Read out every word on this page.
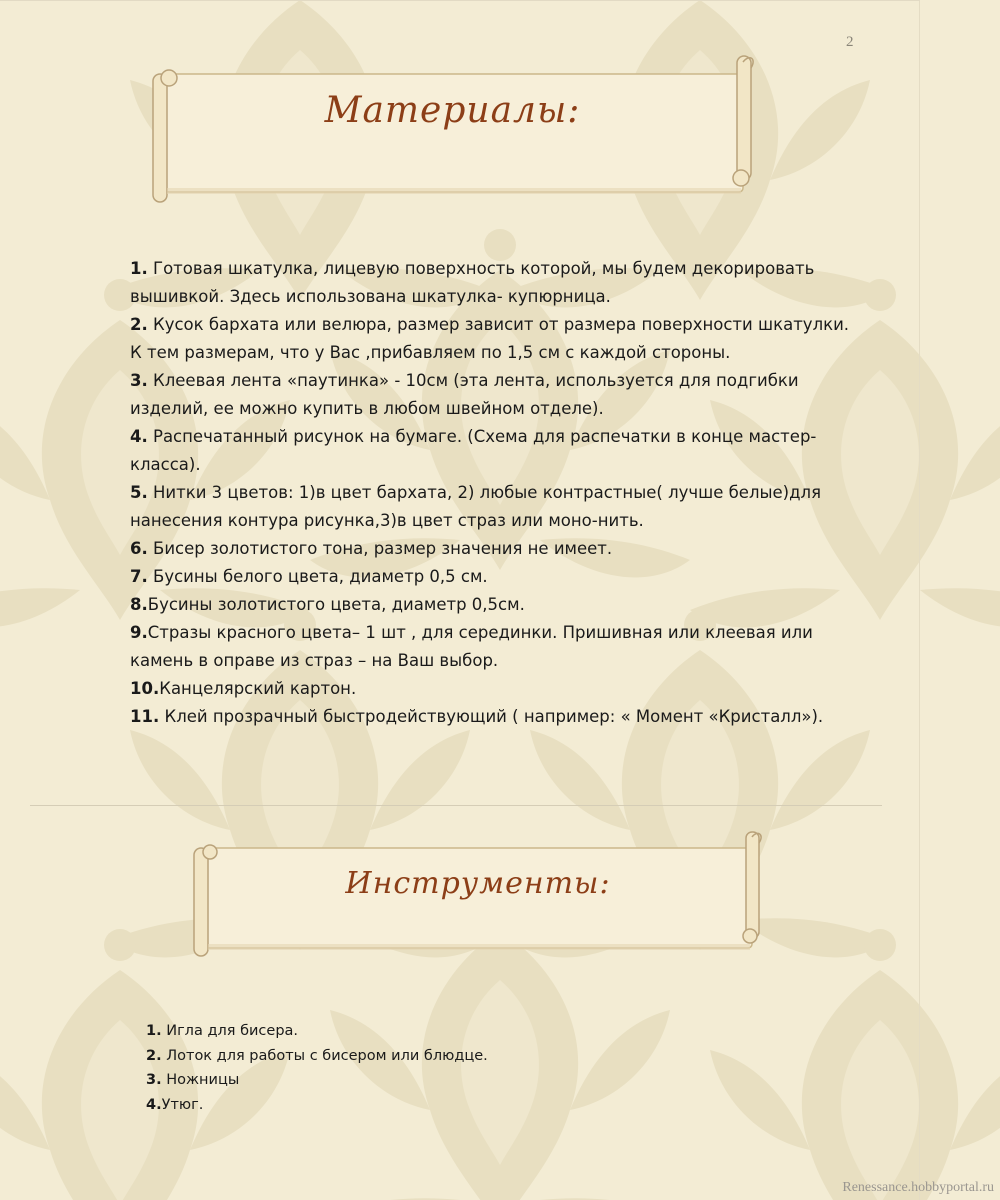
2
Материалы:
1. Готовая шкатулка, лицевую поверхность которой, мы будем декорировать вышивкой. Здесь использована шкатулка- купюрница.
2. Кусок бархата или велюра, размер зависит от размера поверхности шкатулки. К тем размерам, что у Вас ,прибавляем по 1,5 см с каждой стороны.
3. Клеевая лента «паутинка» - 10см (эта лента, используется для подгибки изделий, ее можно купить в любом швейном отделе).
4. Распечатанный рисунок на бумаге. (Схема для распечатки в конце мастер-класса).
5. Нитки 3 цветов: 1)в цвет бархата, 2) любые контрастные( лучше белые)для нанесения контура рисунка,3)в цвет страз или моно-нить.
6. Бисер золотистого тона, размер значения не имеет.
7. Бусины белого цвета, диаметр 0,5 см.
8.Бусины золотистого цвета, диаметр 0,5см.
9.Стразы красного цвета– 1 шт , для серединки. Пришивная или клеевая или камень в оправе из страз – на Ваш выбор.
10.Канцелярский картон.
11. Клей прозрачный быстродействующий ( например: « Момент «Кристалл»).
Инструменты:
1. Игла для бисера.
2. Лоток для работы с бисером или блюдце.
3. Ножницы
4.Утюг.
Renessance.hobbyportal.ru
